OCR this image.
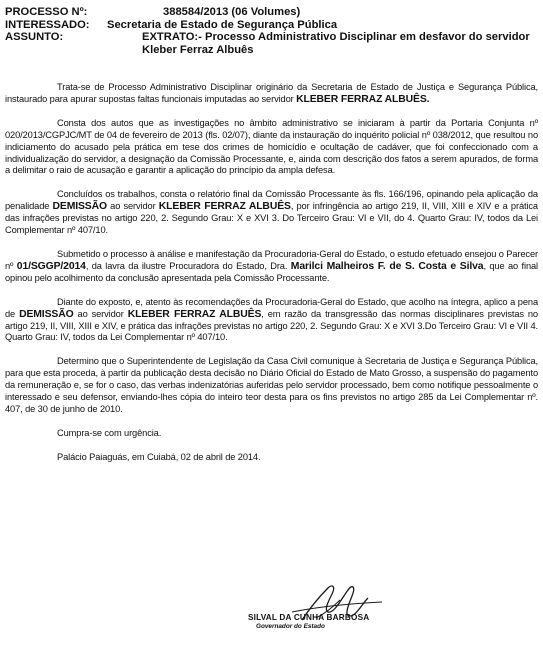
PROCESSO Nº:	388584/2013 (06 Volumes)
INTERESSADO:	Secretaria de Estado de Segurança Pública
ASSUNTO:	EXTRATO:- Processo Administrativo Disciplinar em desfavor do servidor Kleber Ferraz Albuês

Trata-se de Processo Administrativo Disciplinar originário da Secretaria de Estado de Justiça e Segurança Pública, instaurado para apurar supostas faltas funcionais imputadas ao servidor KLEBER FERRAZ ALBUÊS.

Consta dos autos que as investigações no âmbito administrativo se iniciaram à partir da Portaria Conjunta nº 020/2013/CGPJC/MT de 04 de fevereiro de 2013 (fls. 02/07), diante da instauração do inquérito policial nº 038/2012, que resultou no indiciamento do acusado pela prática em tese dos crimes de homicídio e ocultação de cadáver, que foi confeccionado com a individualização do servidor, a designação da Comissão Processante, e, ainda com descrição dos fatos a serem apurados, de forma a delimitar o raio de acusação e garantir a aplicação do princípio da ampla defesa.

Concluídos os trabalhos, consta o relatório final da Comissão Processante às fls. 166/196, opinando pela aplicação da penalidade DEMISSÃO ao servidor KLEBER FERRAZ ALBUÊS, por infringência ao artigo 219, II, VIII, XIII e XIV e a prática das infrações previstas no artigo 220, 2. Segundo Grau: X e XVI 3. Do Terceiro Grau: VI e VII, do 4. Quarto Grau: IV, todos da Lei Complementar nº 407/10.

Submetido o processo à análise e manifestação da Procuradoria-Geral do Estado, o estudo efetuado ensejou o Parecer nº 01/SGGP/2014, da lavra da ilustre Procuradora do Estado, Dra. Marilci Malheiros F. de S. Costa e Silva, que ao final opinou pelo acolhimento da conclusão apresentada pela Comissão Processante.

Diante do exposto, e, atento às recomendações da Procuradoria-Geral do Estado, que acolho na íntegra, aplico a pena de DEMISSÃO ao servidor KLEBER FERRAZ ALBUÊS, em razão da transgressão das normas disciplinares previstas no artigo 219, II, VIII, XIII e XIV, e prática das infrações previstas no artigo 220, 2. Segundo Grau: X e XVI 3.Do Terceiro Grau: VI e VII 4. Quarto Grau: IV, todos da Lei Complementar nº 407/10.

Determino que o Superintendente de Legislação da Casa Civil comunique à Secretaria de Justiça e Segurança Pública, para que esta proceda, à partir da publicação desta decisão no Diário Oficial do Estado de Mato Grosso, a suspensão do pagamento da remuneração e, se for o caso, das verbas indenizatórias auferidas pelo servidor processado, bem como notifique pessoalmente o interessado e seu defensor, enviando-lhes cópia do inteiro teor desta para os fins previstos no artigo 285 da Lei Complementar nº. 407, de 30 de junho de 2010.

Cumpra-se com urgência.

Palácio Paiaguás, em Cuiabá, 02 de abril de 2014.

SILVAL DA CUNHA BARBOSA
Governador do Estado
